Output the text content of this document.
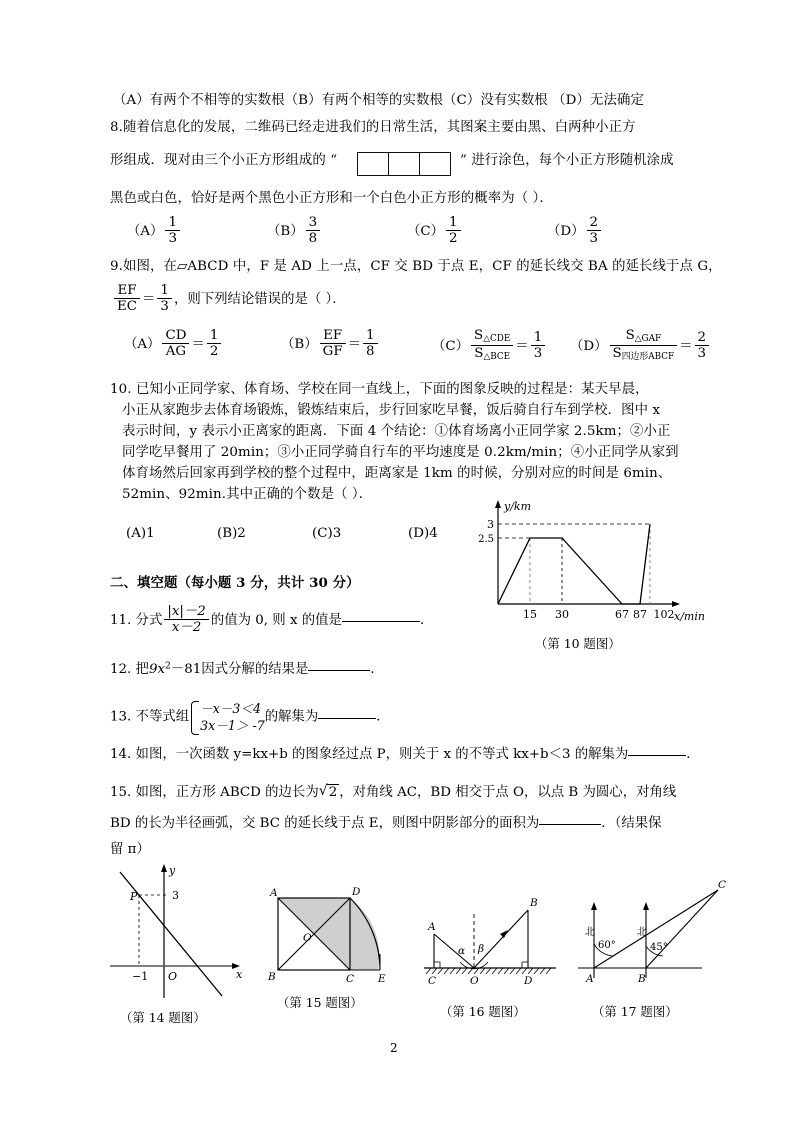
（A）有两个不相等的实数根（B）有两个相等的实数根（C）没有实数根 （D）无法确定
8.随着信息化的发展，二维码已经走进我们的日常生活，其图案主要由黑、白两种小正方
形组成．现对由三个小正方形组成的 “	” 进行涂色，每个小正方形随机涂成
黑色或白色，恰好是两个黑色小正方形和一个白色小正方形的概率为（ ）．
$(A) \frac{1}{3}$	$(B) \frac{3}{8}$	$(C) \frac{1}{2}$	$(D) \frac{2}{3}$
9.如图，在▱ABCD 中，F 是 AD 上一点，CF 交 BD 于点 E，CF 的延长线交 BA 的延长线于点 G，
$\frac{EF}{EC} = \frac{1}{3}$ ，则下列结论错误的是（ ）．
$(A) \frac{CD}{AG} = \frac{1}{2}$	$(B) \frac{EF}{GF} = \frac{1}{8}$	（C）
$S_{\triangle CDE}$
$S_{\triangle BCE}$
＝ $\frac{1}{3} (D)$
$S_{\triangle GAF}$
$S_{四边形ABCF}$
＝ $\frac{2}{3}$
10. 已知小正同学家、体育场、学校在同一直线上，下面的图象反映的过程是：某天早晨，
小正从家跑步去体育场锻炼，锻炼结束后，步行回家吃早餐，饭后骑自行车到学校．图中 x
表示时间，y 表示小正离家的距离．下面 4 个结论：①体育场离小正同学家 2.5km；②小正
同学吃早餐用了 20min；③小正同学骑自行车的平均速度是 0.2km/min；④小正同学从家到
体育场然后回家再到学校的整个过程中，距离家是 1km 的时候，分别对应的时间是 6min、
52min、92min.其中正确的个数是（ ）．
(A)1	(B)2	(C)3	(D)4
3
2.5
15 30	67 87 102
y/km
x/min
（第 10 题图）
二、填空题（每小题 3 分，共计 30 分）
11. 分式 $\frac{|x|-2}{x-2}$ 的值为 0, 则 x 的值是	．
12. 把$9x^2-81$因式分解的结果是	．
13. 不等式组
－x－3＜4
3x－1＞ -7
的解集为	．
14. 如图，一次函数 y=kx+b 的图象经过点 P，则关于 x 的不等式 kx+b＜3 的解集为	．
15. 如图，正方形 ABCD 的边长为 √ 2 ，对角线 AC，BD 相交于点 O，以点 B 为圆心，对角线
BD 的长为半径画弧，交 BC 的延长线于点 E，则图中阴影部分的面积为	．（结果保
留 π）
P	3
−1 O
y
x
（第 14 题图）
A
B	C
D
O
E
（第 15 题图）
A
B
C	O	D
α β
（第 16 题图）
北	北
60°	45°
A	B
C
（第 17 题图）
2
